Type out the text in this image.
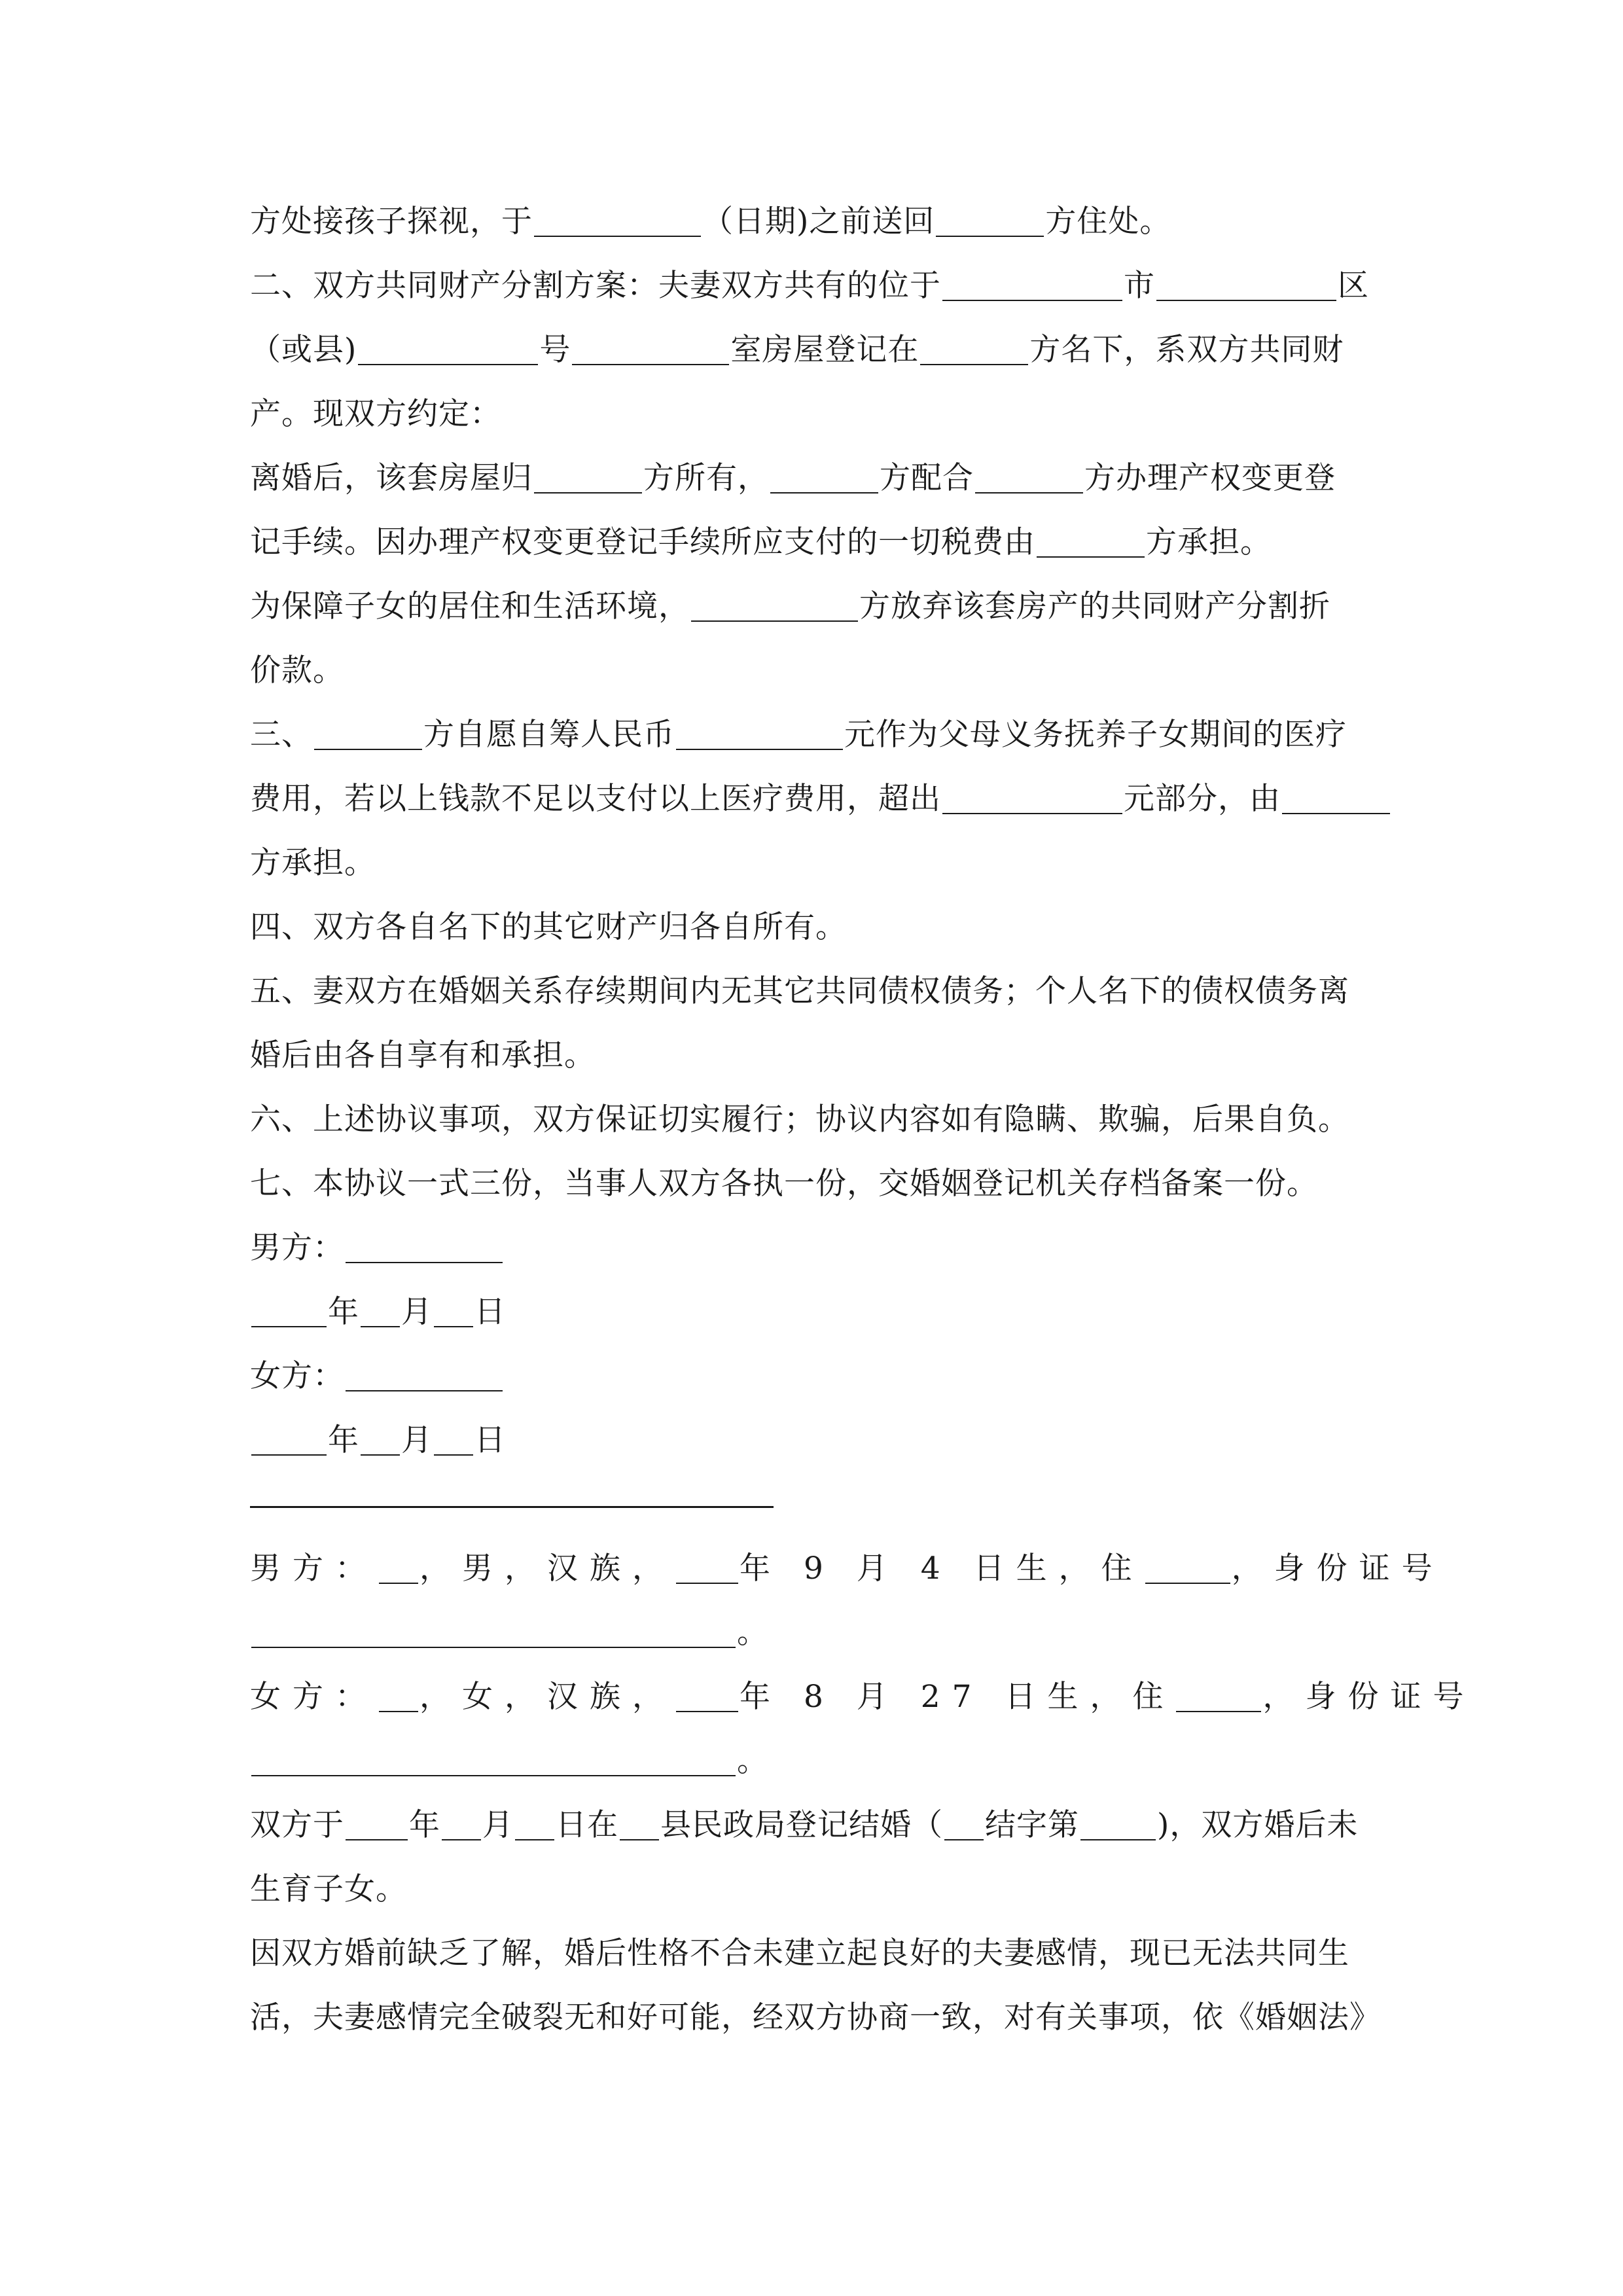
方处接孩子探视，于	（日期)之前送回	方住处。
二、双方共同财产分割方案：夫妻双方共有的位于	市	区
（或县)	号	室房屋登记在	方名下，系双方共同财
产。现双方约定：
离婚后，该套房屋归	方所有，	方配合	方办理产权变更登
记手续。因办理产权变更登记手续所应支付的一切税费由	方承担。
为保障子女的居住和生活环境，	方放弃该套房产的共同财产分割折
价款。
三、	方自愿自筹人民币	元作为父母义务抚养子女期间的医疗
费用，若以上钱款不足以支付以上医疗费用，超出	元部分，由
方承担。
四、双方各自名下的其它财产归各自所有。
五、妻双方在婚姻关系存续期间内无其它共同债权债务；个人名下的债权债务离
婚后由各自享有和承担。
六、上述协议事项，双方保证切实履行；协议内容如有隐瞒、欺骗，后果自负。
七、本协议一式三份，当事人双方各执一份，交婚姻登记机关存档备案一份。
男方：
年 月 日
女方：
年 月 日
男方： ，男，汉族， 年 9 月 4 日生，住	，身份证号
。
女方： ，女，汉族， 年 8 月 27 日生，住	，身份证号
。
双方于 年 月 日在 县民政局登记结婚（ 结字第	)，双方婚后未
生育子女。
因双方婚前缺乏了解，婚后性格不合未建立起良好的夫妻感情，现已无法共同生
活，夫妻感情完全破裂无和好可能，经双方协商一致，对有关事项，依《婚姻法》
